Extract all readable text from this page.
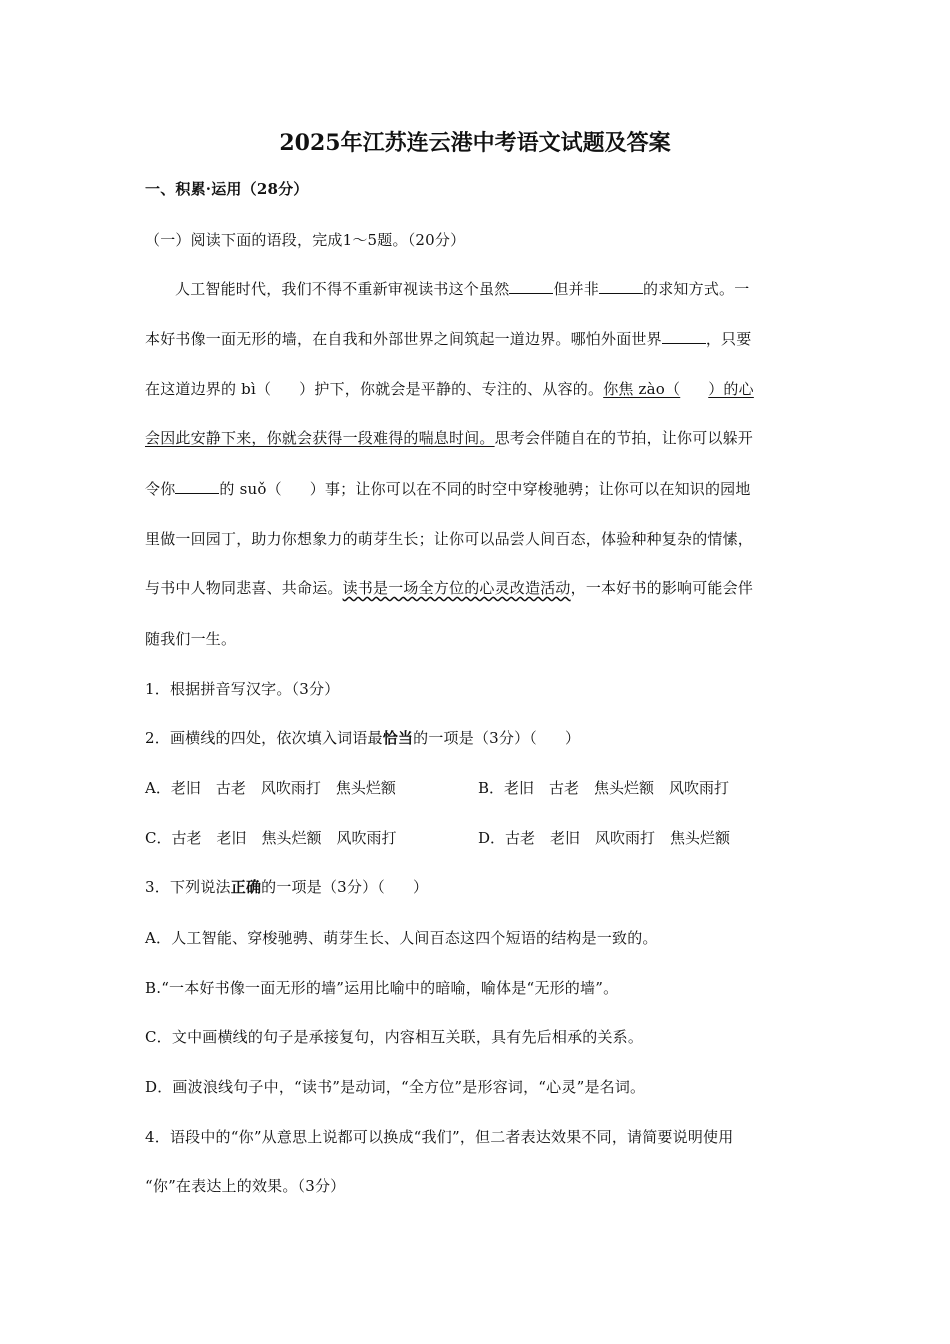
2025年江苏连云港中考语文试题及答案
一、积累·运用（28分）
（一）阅读下面的语段，完成1～5题。（20分）
人工智能时代，我们不得不重新审视读书这个虽然	但并非	的求知方式。一
本好书像一面无形的墙，在自我和外部世界之间筑起一道边界。哪怕外面世界	，只要
在这道边界的 bì（ ）护下，你就会是平静的、专注的、从容的。你焦 zào（ ）的心
会因此安静下来，你就会获得一段难得的喘息时间。思考会伴随自在的节拍，让你可以躲开
令你	的 suǒ（ ）事；让你可以在不同的时空中穿梭驰骋；让你可以在知识的园地
里做一回园丁，助力你想象力的萌芽生长；让你可以品尝人间百态，体验种种复杂的情愫，
与书中人物同悲喜、共命运。读书是一场全方位的心灵改造活动，一本好书的影响可能会伴
随我们一生。
1．根据拼音写汉字。（3分）
2．画横线的四处，依次填入词语最恰当的一项是（3分）（ ）
A．老旧　古老　风吹雨打　焦头烂额	B．老旧　古老　焦头烂额　风吹雨打
C．古老　老旧　焦头烂额　风吹雨打	D．古老　老旧　风吹雨打　焦头烂额
3．下列说法正确的一项是（3分）（ ）
A．人工智能、穿梭驰骋、萌芽生长、人间百态这四个短语的结构是一致的。
B.“一本好书像一面无形的墙”运用比喻中的暗喻，喻体是“无形的墙”。
C．文中画横线的句子是承接复句，内容相互关联，具有先后相承的关系。
D．画波浪线句子中，“读书”是动词，“全方位”是形容词，“心灵”是名词。
4．语段中的“你”从意思上说都可以换成“我们”，但二者表达效果不同，请简要说明使用
“你”在表达上的效果。（3分）
